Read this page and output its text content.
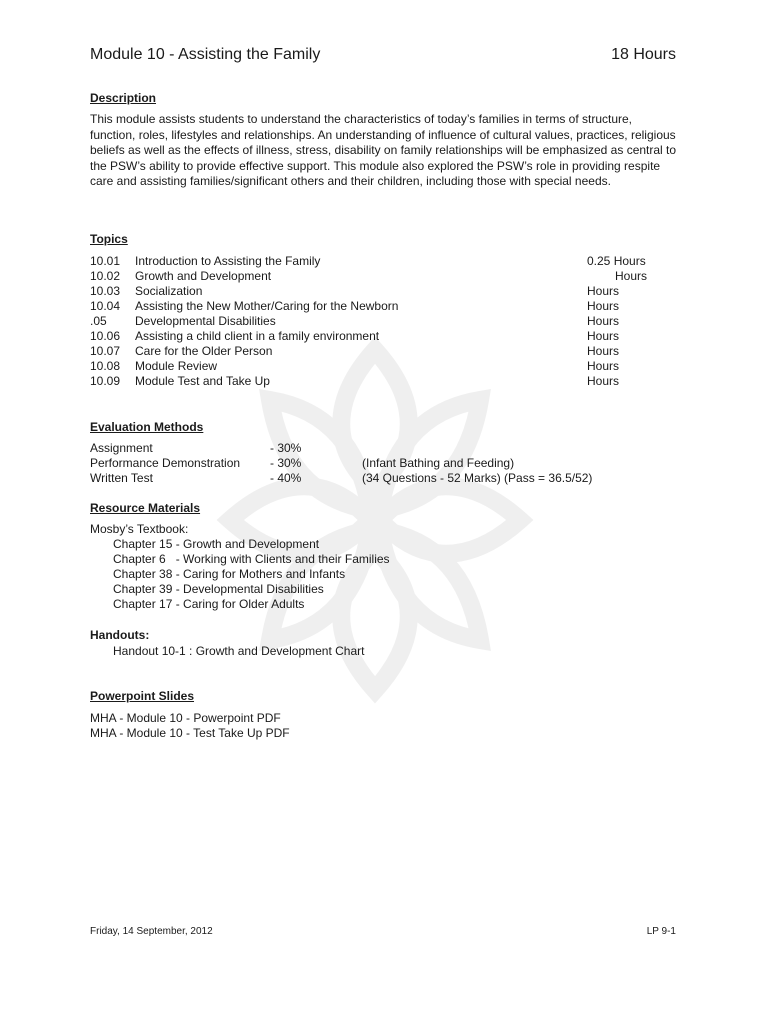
Module 10 - Assisting the Family	18 Hours
Description
This module assists students to understand the characteristics of today’s families in terms of structure, function, roles, lifestyles and relationships. An understanding of influence of cultural values, practices, religious beliefs as well as the effects of illness, stress, disability on family relationships will be emphasized as central to the PSW’s ability to provide effective support. This module also explored the PSW’s role in providing respite care and assisting families/significant others and their children, including those with special needs.
Topics
10.01 Introduction to Assisting the Family	0.25 Hours
10.02 Growth and Development	Hours
10.03 Socialization	Hours
10.04 Assisting the New Mother/Caring for the Newborn	Hours
.05 Developmental Disabilities	Hours
10.06 Assisting a child client in a family environment	Hours
10.07 Care for the Older Person	Hours
10.08 Module Review	Hours
10.09 Module Test and Take Up	Hours
Evaluation Methods
Assignment	- 30%
Performance Demonstration - 30%	(Infant Bathing and Feeding)
Written Test	- 40%	(34 Questions - 52 Marks) (Pass = 36.5/52)
Resource Materials
Mosby’s Textbook:
Chapter 15 - Growth and Development
Chapter 6   - Working with Clients and their Families
Chapter 38 - Caring for Mothers and Infants
Chapter 39 - Developmental Disabilities
Chapter 17 - Caring for Older Adults
Handouts:
Handout 10-1 : Growth and Development Chart
Powerpoint Slides
MHA - Module 10 - Powerpoint PDF
MHA - Module 10 - Test Take Up PDF
Friday, 14 September, 2012	LP 9-1
